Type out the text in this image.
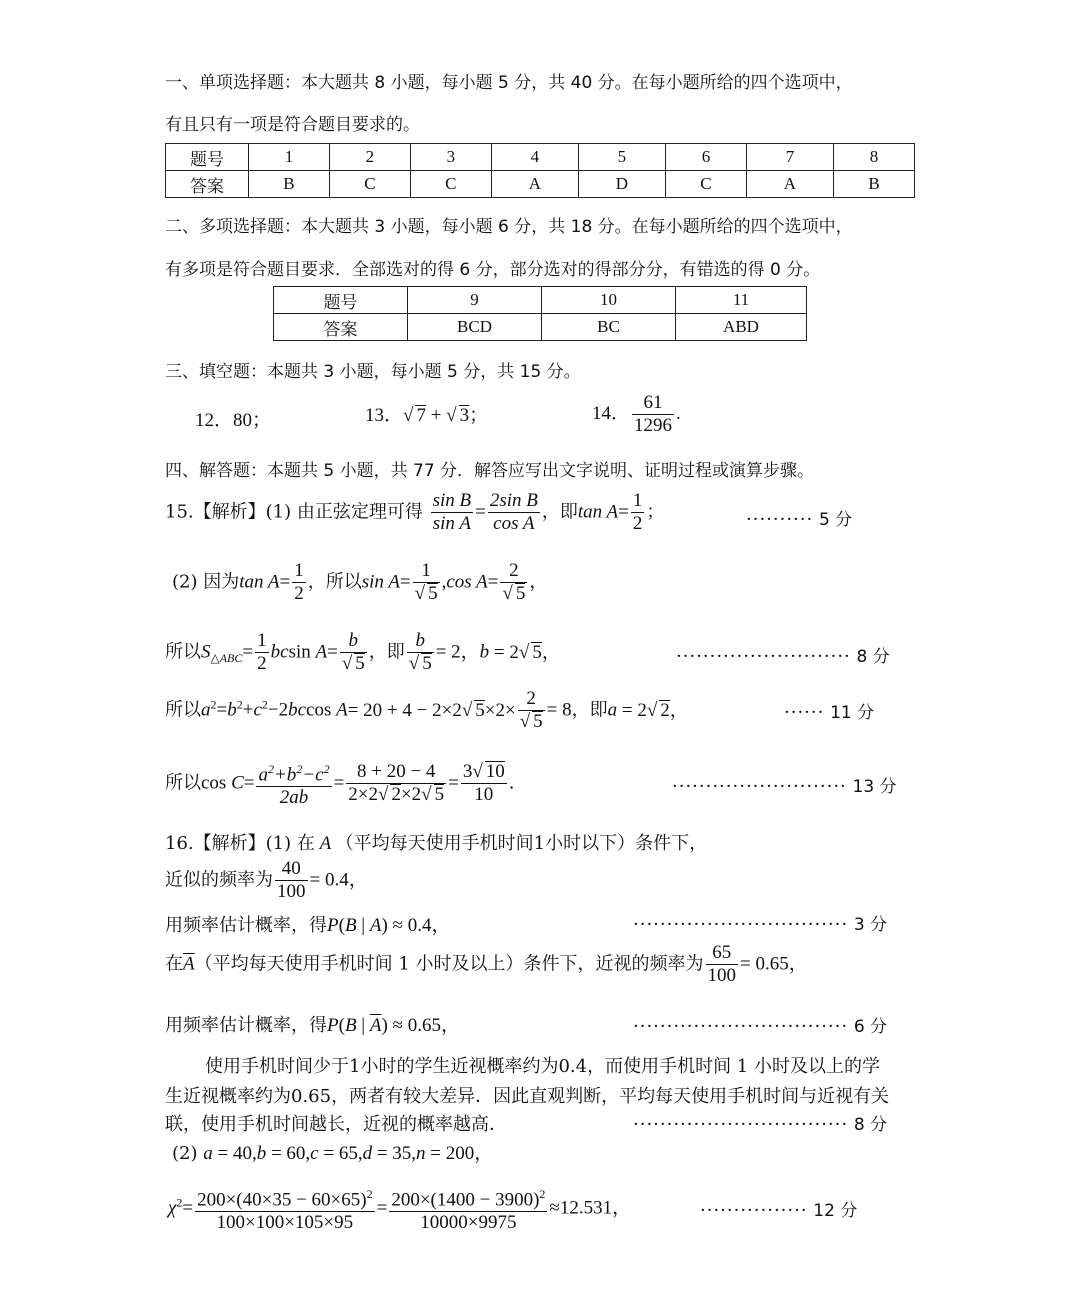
一、单项选择题：本大题共 8 小题，每小题 5 分，共 40 分。在每小题所给的四个选项中，
有且只有一项是符合题目要求的。
题号	1	2	3	4	5	6	7	8
答案	B	C	C	A	D	C	A	B
二、多项选择题：本大题共 3 小题，每小题 6 分，共 18 分。在每小题所给的四个选项中，
有多项是符合题目要求．全部选对的得 6 分，部分选对的得部分分，有错选的得 0 分。
题号	9	10	11
答案	BCD	BC	ABD
三、填空题：本题共 3 小题，每小题 5 分，共 15 分。
12．80；	13．√ 7 + √ 3；	14． $\frac{61}{1296}$ .
四、解答题：本题共 5 小题，共 77 分．解答应写出文字说明、证明过程或演算步骤。
15.【解析】(1) 由正弦定理可得 $\frac{\text{sin B}}{\text{sin A}} = \frac{\text{2sin B}}{\text{cos A}}$ ，即$\tan A= \frac{1}{2}$ ；	·········· 5 分
(2) 因为$\tan A= \frac{1}{2}$ ，所以$\sin A= \frac{1}{√ 5} ,\cos$ $A= \frac{2}{√ 5}$ ，
所以$S_{\triangle ABC}= \frac{1}{2}$ bcsin $A= \frac{b}{√ 5}$ ，即 $\frac{b}{√ 5} = 2$，b = 2√ 5，	·························· 8 分
所以$a^2=b^2+c^2-2bccos$ A= 20 + 4 − 2×2√ $5\times 2\times \frac{2}{√ 5} = 8$，即a = 2√ 2，	······ 11 分
所以$\cos C= \frac{a^2+b^2-c^2}{2ab} = \frac{8 + 20 - 4}{2\times 2√ 2\times 2√ 5} = \frac{3√ 10}{10}$ .	·························· 13 分
16.【解析】(1) 在 A （平均每天使用手机时间1小时以下）条件下，
近似的频率为 $\frac{40}{100} = 0.4$，
用频率估计概率，得P(B | A) ≈ 0.4，	································ 3 分
在$\overline{A}$（平均每天使用手机时间 1 小时及以上）条件下，近视的频率为 $\frac{65}{100} = 0.65$，
用频率估计概率，得P(B | $\overline{A}) \approx 0.65$，	································ 6 分
使用手机时间少于1小时的学生近视概率约为0.4，而使用手机时间 1 小时及以上的学
生近视概率约为0.65，两者有较大差异．因此直观判断，平均每天使用手机时间与近视有关
联，使用手机时间越长，近视的概率越高．	································ 8 分
(2) a = 40,b = 60,c = 65,d = 35,n = 200，
$\chi^2= \frac{200\times(40\times 35 - 60\times 65)^2}{100\times 100\times 105\times 95} = \frac{200\times(1400 - 3900)^2}{10000\times 9975} \approx 12.531$，	················ 12 分
